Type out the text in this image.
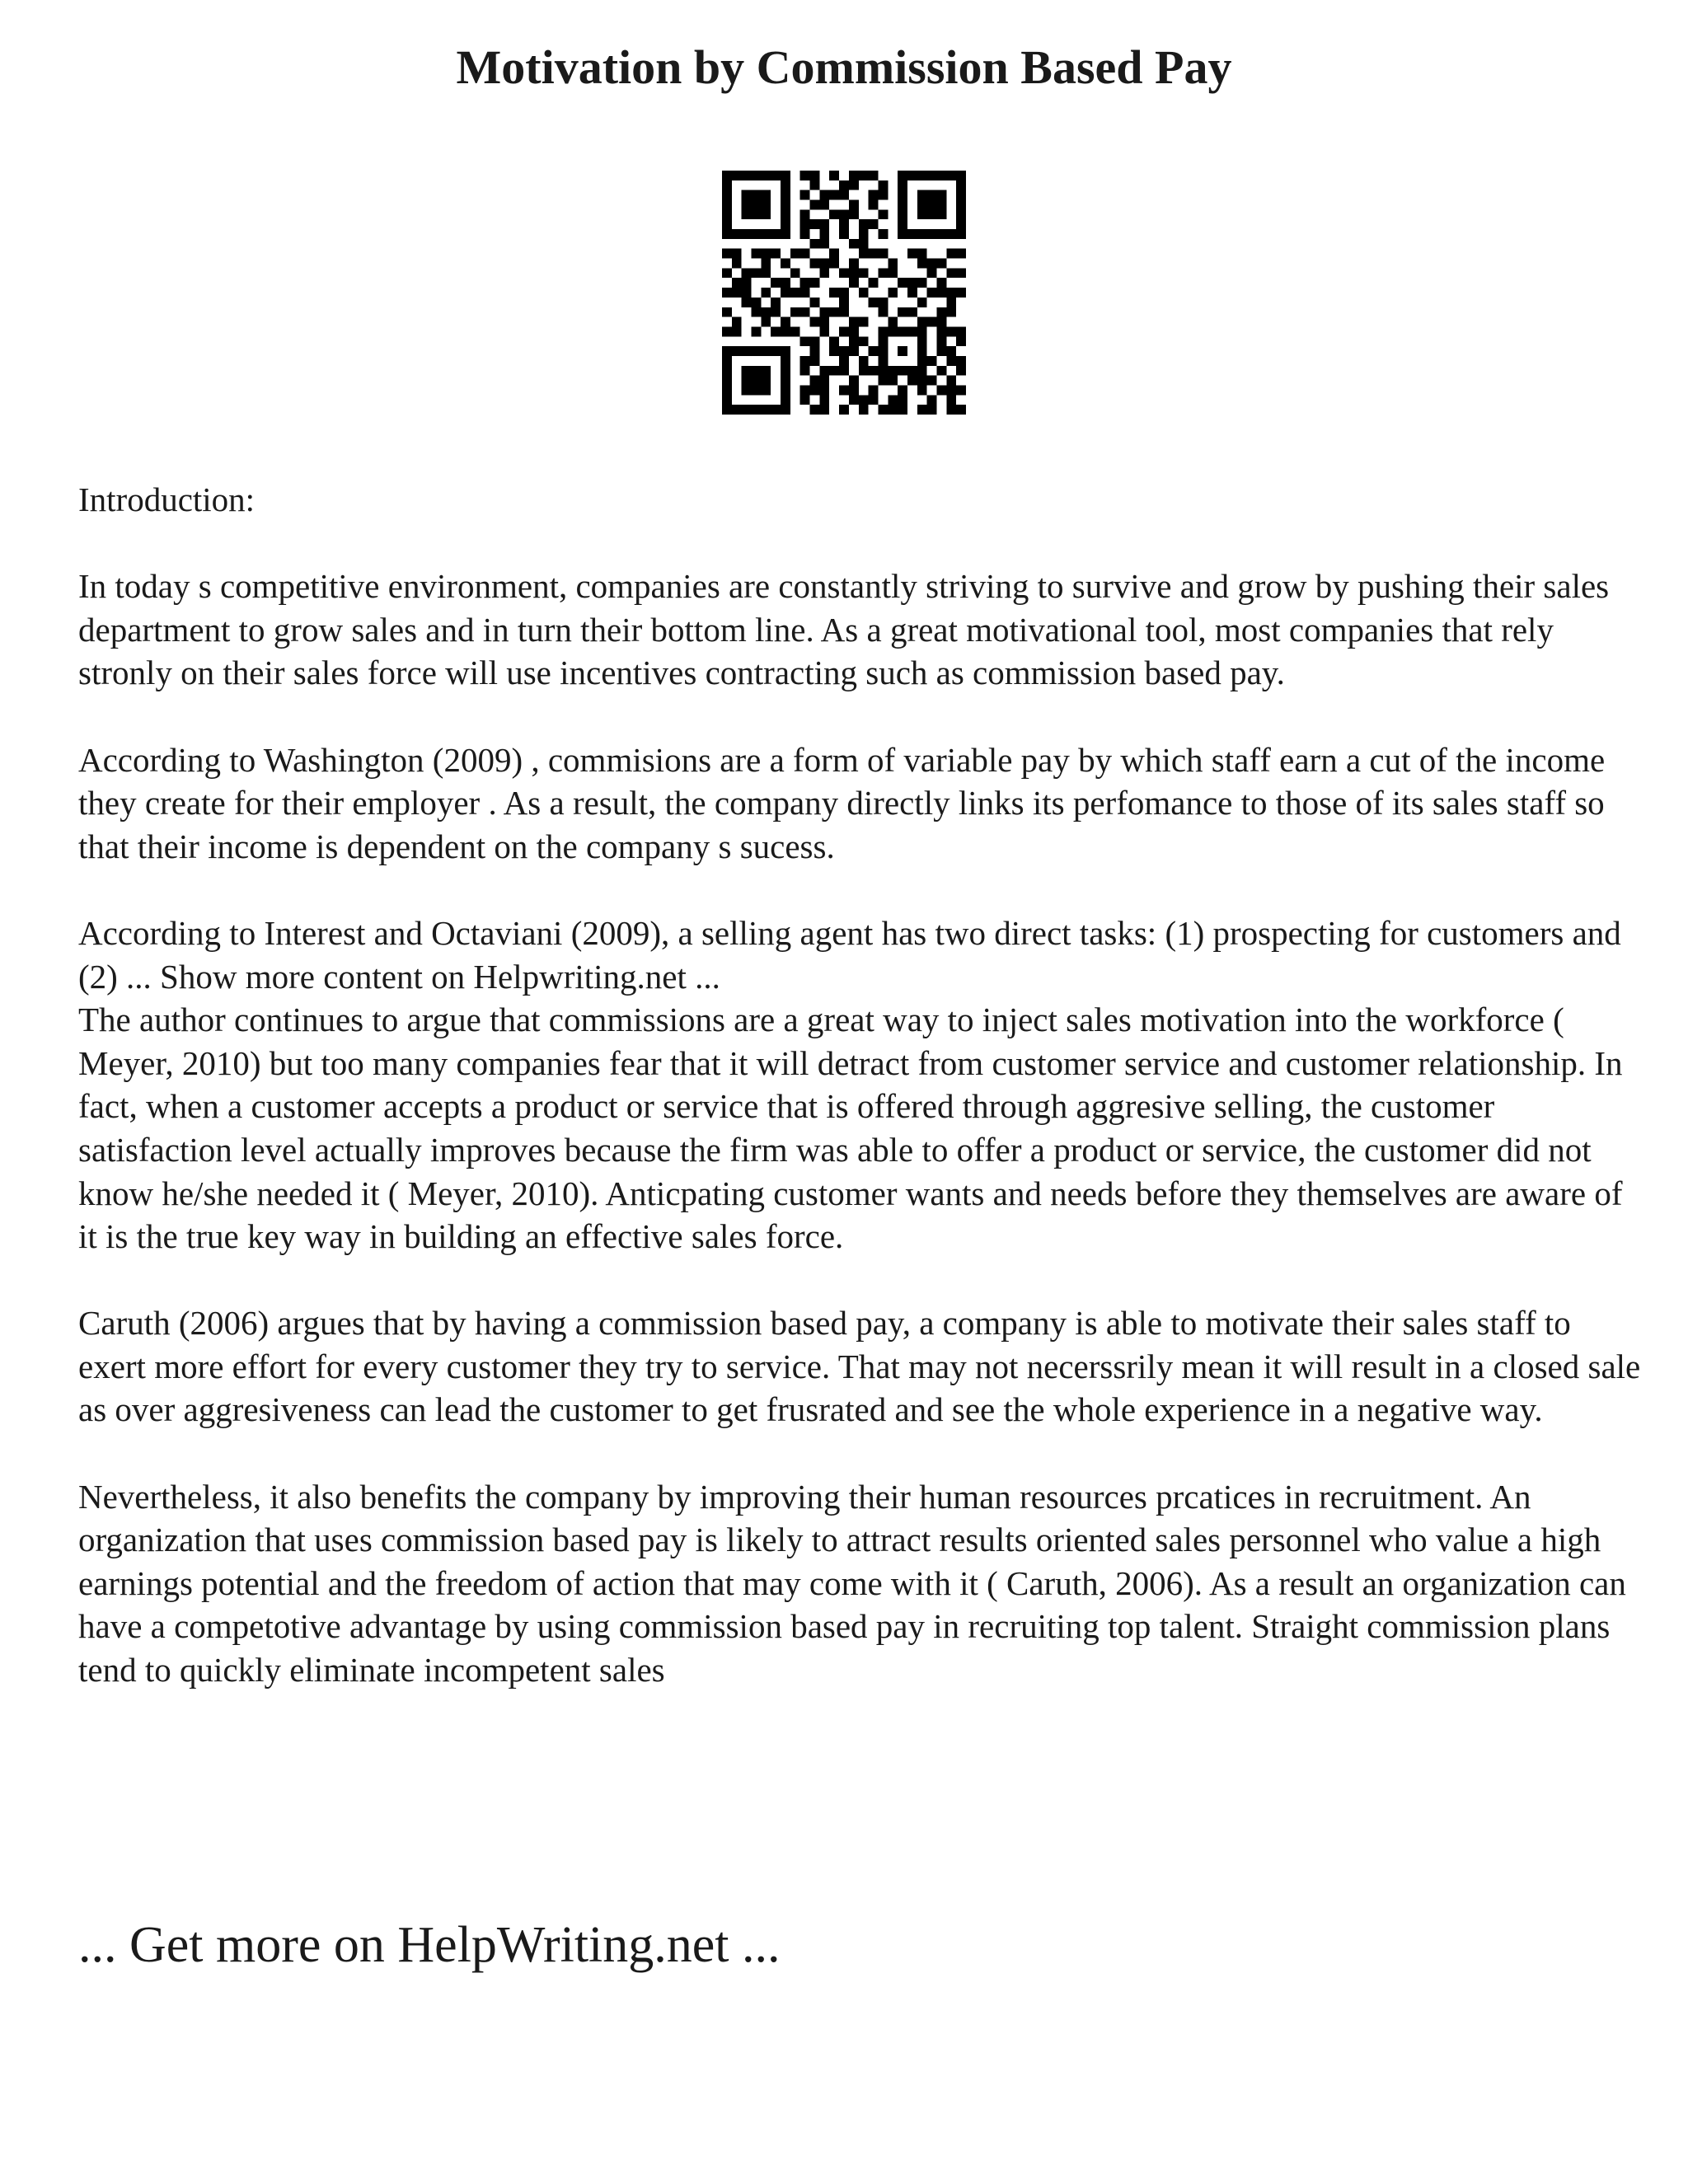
Motivation by Commission Based Pay

Introduction:

In today s competitive environment, companies are constantly striving to survive and grow by pushing their sales department to grow sales and in turn their bottom line. As a great motivational tool, most companies that rely stronly on their sales force will use incentives contracting such as commission based pay.

According to Washington (2009) , commisions are a form of variable pay by which staff earn a cut of the income they create for their employer . As a result, the company directly links its perfomance to those of its sales staff so that their income is dependent on the company s sucess.

According to Interest and Octaviani (2009), a selling agent has two direct tasks: (1) prospecting for customers and (2) ... Show more content on Helpwriting.net ...

The author continues to argue that commissions are a great way to inject sales motivation into the workforce ( Meyer, 2010) but too many companies fear that it will detract from customer service and customer relationship. In fact, when a customer accepts a product or service that is offered through aggresive selling, the customer satisfaction level actually improves because the firm was able to offer a product or service, the customer did not know he/she needed it ( Meyer, 2010). Anticpating customer wants and needs before they themselves are aware of it is the true key way in building an effective sales force.

Caruth (2006) argues that by having a commission based pay, a company is able to motivate their sales staff to exert more effort for every customer they try to service. That may not necerssrily mean it will result in a closed sale as over aggresiveness can lead the customer to get frusrated and see the whole experience in a negative way.

Nevertheless, it also benefits the company by improving their human resources prcatices in recruitment. An organization that uses commission based pay is likely to attract results oriented sales personnel who value a high earnings potential and the freedom of action that may come with it ( Caruth, 2006). As a result an organization can have a competotive advantage by using commission based pay in recruiting top talent. Straight commission plans tend to quickly eliminate incompetent sales

... Get more on HelpWriting.net ...
